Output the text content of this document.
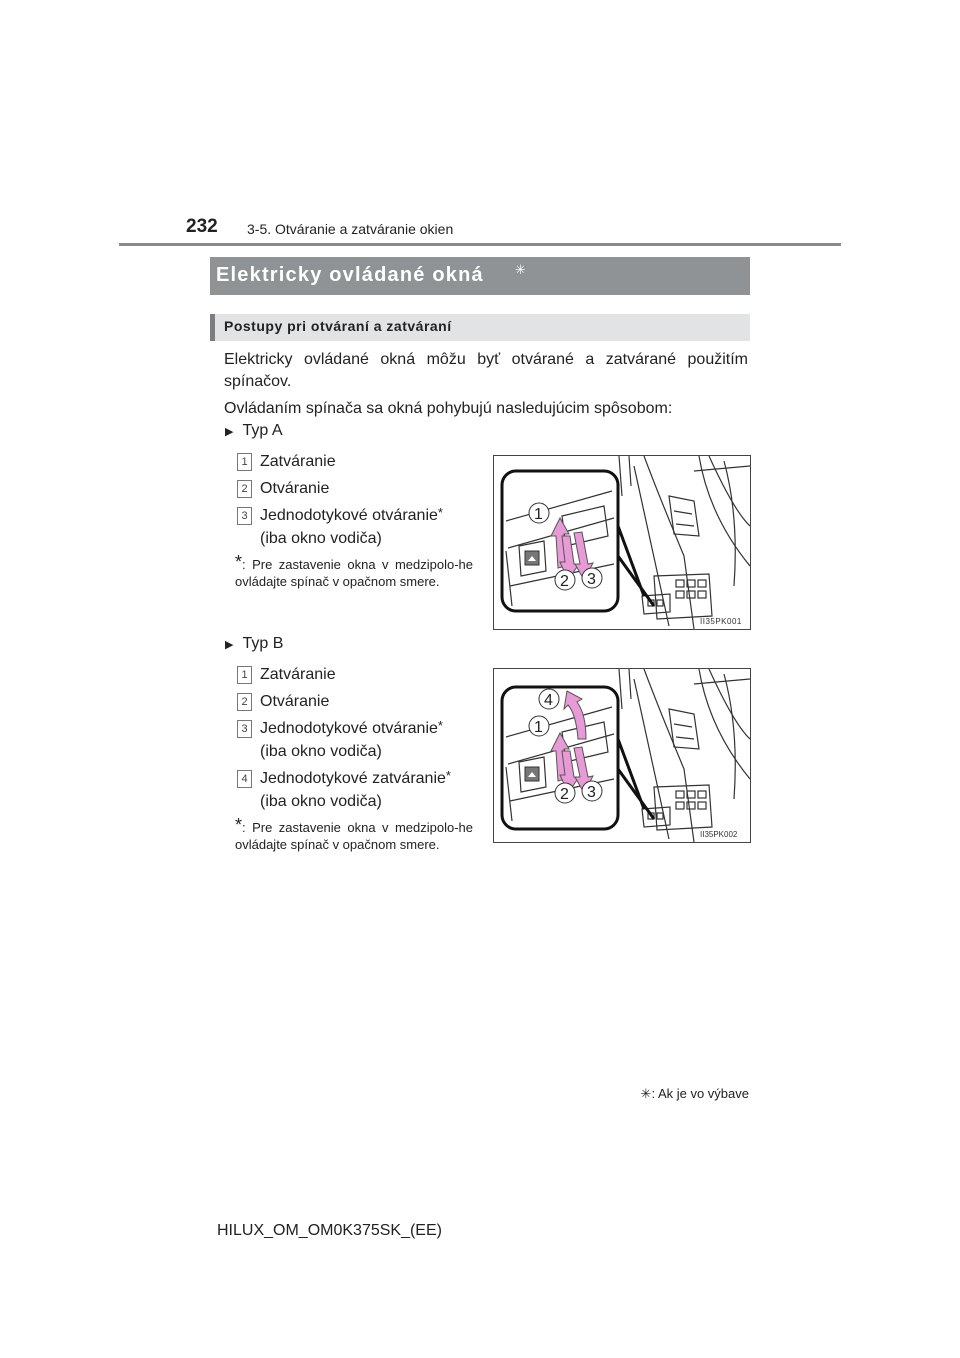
232 3-5. Otváranie a zatváranie okien
Elektricky ovládané okná ✳
Postupy pri otváraní a zatváraní
Elektricky ovládané okná môžu byť otvárané a zatvárané použitím spínačov.
Ovládaním spínača sa okná pohybujú nasledujúcim spôsobom:
▶ Typ A
1 Zatváranie
2 Otváranie
3 Jednodotykové otváranie*
(iba okno vodiča)
*: Pre zastavenie okna v medzipolo-he ovládajte spínač v opačnom smere.
1
2 3
II35PK001
▶ Typ B
1 Zatváranie
2 Otváranie
3 Jednodotykové otváranie*
(iba okno vodiča)
4 Jednodotykové zatváranie*
(iba okno vodiča)
*: Pre zastavenie okna v medzipolo-he ovládajte spínač v opačnom smere.
4
1
2 3
II35PK002
✳: Ak je vo výbave
HILUX_OM_OM0K375SK_(EE)
